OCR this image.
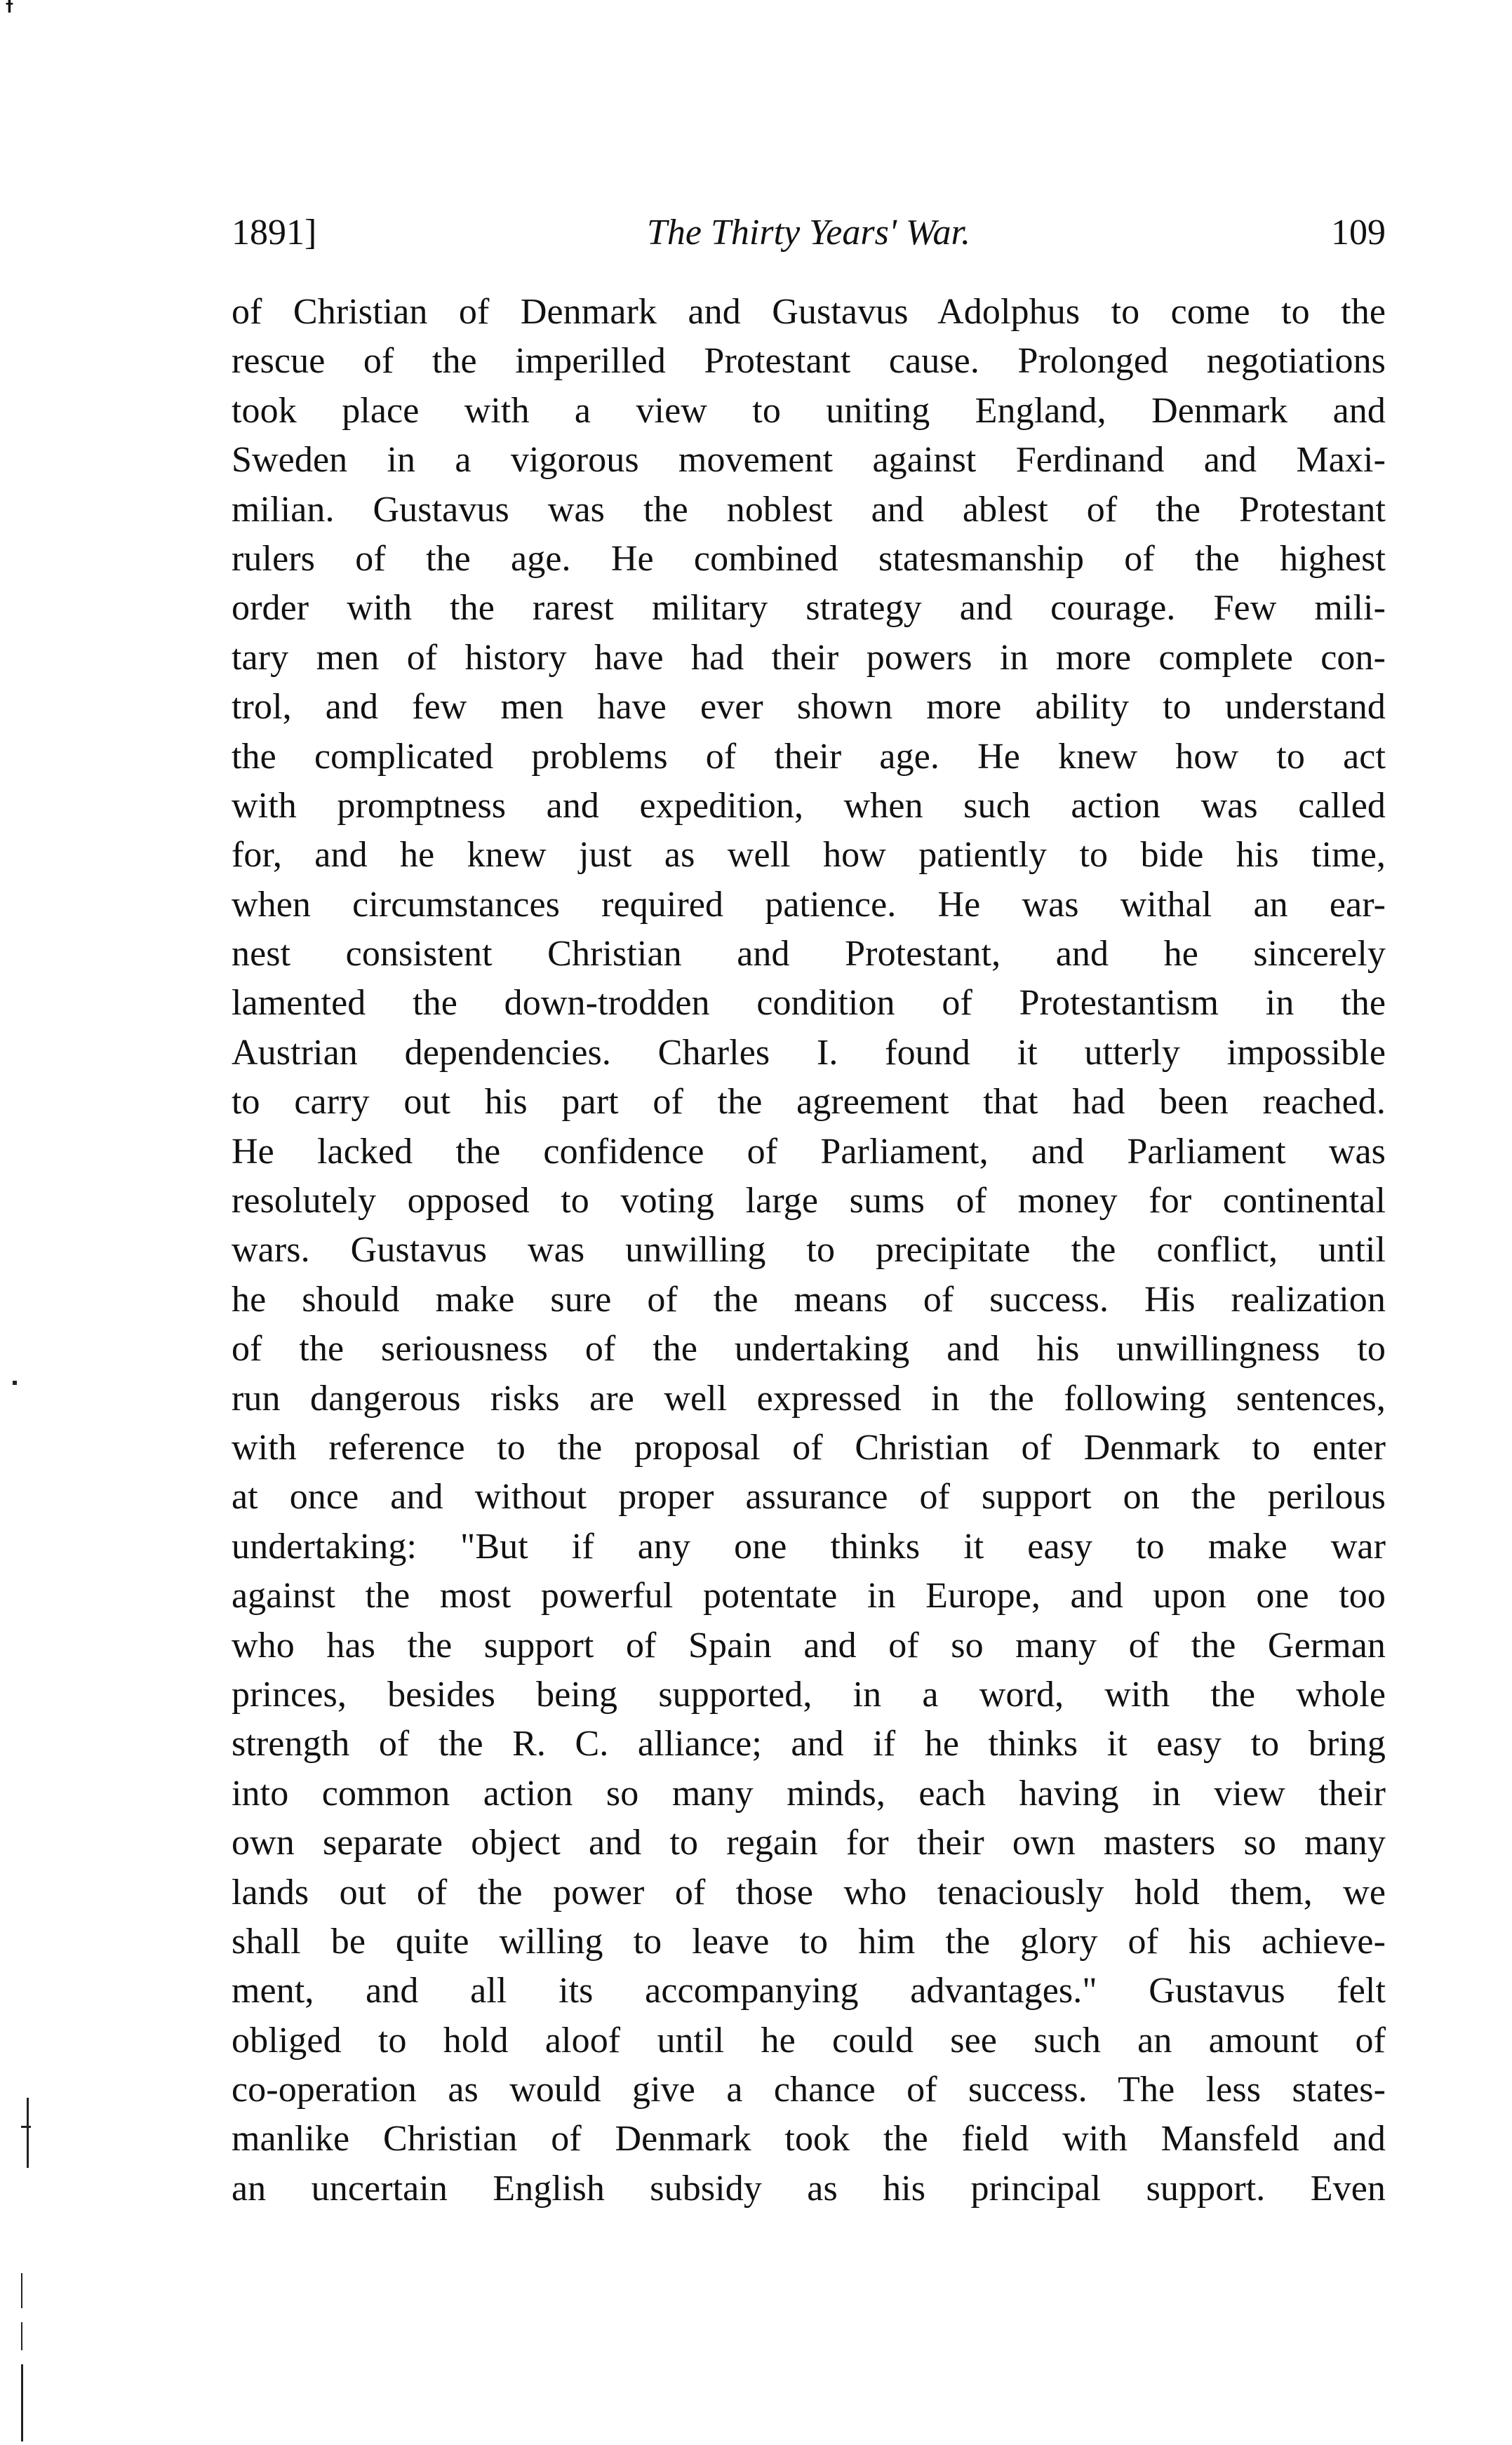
†
1891]	The Thirty Years' War.	109
of Christian of Denmark and Gustavus Adolphus to come to the
rescue of the imperilled Protestant cause. Prolonged negotiations
took place with a view to uniting England, Denmark and
Sweden in a vigorous movement against Ferdinand and Maxi-
milian. Gustavus was the noblest and ablest of the Protestant
rulers of the age. He combined statesmanship of the highest
order with the rarest military strategy and courage. Few mili-
tary men of history have had their powers in more complete con-
trol, and few men have ever shown more ability to understand
the complicated problems of their age. He knew how to act
with promptness and expedition, when such action was called
for, and he knew just as well how patiently to bide his time,
when circumstances required patience. He was withal an ear-
nest consistent Christian and Protestant, and he sincerely
lamented the down-trodden condition of Protestantism in the
Austrian dependencies. Charles I. found it utterly impossible
to carry out his part of the agreement that had been reached.
He lacked the confidence of Parliament, and Parliament was
resolutely opposed to voting large sums of money for continental
wars. Gustavus was unwilling to precipitate the conflict, until
he should make sure of the means of success. His realization
of the seriousness of the undertaking and his unwillingness to
run dangerous risks are well expressed in the following sentences,
with reference to the proposal of Christian of Denmark to enter
at once and without proper assurance of support on the perilous
undertaking: "But if any one thinks it easy to make war
against the most powerful potentate in Europe, and upon one too
who has the support of Spain and of so many of the German
princes, besides being supported, in a word, with the whole
strength of the R. C. alliance; and if he thinks it easy to bring
into common action so many minds, each having in view their
own separate object and to regain for their own masters so many
lands out of the power of those who tenaciously hold them, we
shall be quite willing to leave to him the glory of his achieve-
ment, and all its accompanying advantages." Gustavus felt
obliged to hold aloof until he could see such an amount of
co-operation as would give a chance of success. The less states-
manlike Christian of Denmark took the field with Mansfeld and
an uncertain English subsidy as his principal support. Even
